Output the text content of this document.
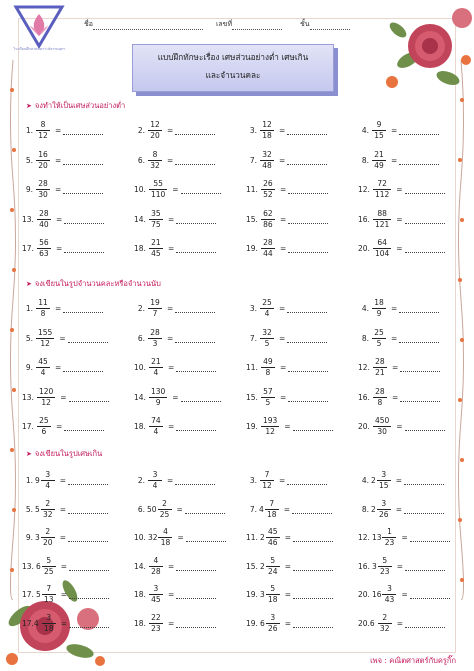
โรงเรียนศึกษาสงเคราะห์ธรรมยุตฯ
ชื่อ	เลขที่	ชั้น
แบบฝึกทักษะเรื่อง เศษส่วนอย่างต่ำ เศษเกิน
และจำนวนคละ
➤ จงทำให้เป็นเศษส่วนอย่างต่ำ
1. $\frac{8}{12}$ =	2. $\frac{12}{20}$ =	3. $\frac{12}{18}$ =	4. $\frac{9}{15}$ =
5. $\frac{16}{20}$ =	6. $\frac{8}{32}$ =	7. $\frac{32}{48}$ =	8. $\frac{21}{49}$ =
9. $\frac{28}{30}$ =	10. $\frac{55}{110}$ =	11. $\frac{26}{52}$ =	12. $\frac{72}{112}$ =
13. $\frac{28}{40}$ =	14. $\frac{35}{75}$ =	15. $\frac{62}{86}$ =	16. $\frac{88}{121}$ =
17. $\frac{56}{63}$ =	18. $\frac{21}{45}$ =	19. $\frac{28}{44}$ =	20. $\frac{64}{104}$ =
➤ จงเขียนในรูปจำนวนคละหรือจำนวนนับ
1. $\frac{11}{8}$ =	2. $\frac{19}{7}$ =	3. $\frac{25}{4}$ =	4. $\frac{18}{9}$ =
5. $\frac{155}{12}$ =	6. $\frac{28}{3}$ =	7. $\frac{32}{5}$ =	8. $\frac{25}{5}$ =
9. $\frac{45}{4}$ =	10. $\frac{21}{4}$ =	11. $\frac{49}{8}$ =	12. $\frac{28}{21}$ =
13. $\frac{120}{12}$ =	14. $\frac{130}{9}$ =	15. $\frac{57}{5}$ =	16. $\frac{28}{8}$ =
17. $\frac{25}{6}$ =	18. $\frac{74}{4}$ =	19. $\frac{193}{12}$ =	20. $\frac{450}{30}$ =
➤ จงเขียนในรูปเศษเกิน
1. $9 \frac{3}{4}$ =	2. $\frac{3}{4}$ =	3. $\frac{7}{12}$ =	4. $2 \frac{3}{15}$ =
5. $5 \frac{2}{32}$ =	6. $50 \frac{2}{25}$ =	7. $4 \frac{7}{18}$ =	8. $2 \frac{3}{26}$ =
9. $3 \frac{2}{20}$ =	10. $32 \frac{4}{18}$ =	11. $2 \frac{45}{46}$ =	12. $13 \frac{1}{23}$ =
13. $6 \frac{5}{25}$ =	14. $\frac{4}{28}$ =	15. $2 \frac{5}{24}$ =	16. $3 \frac{5}{23}$ =
17. $5 \frac{7}{13}$ =	18. $\frac{3}{45}$ =	19. $3 \frac{5}{18}$ =	20. $16 \frac{3}{43}$ =
$17.4 \frac{3}{18}$ =	18. $\frac{22}{23}$ =	19. $6 \frac{3}{26}$ =	$20.6 \frac{2}{32}$ =
เพจ : คณิตศาสตร์กับครูกิ๊ก
